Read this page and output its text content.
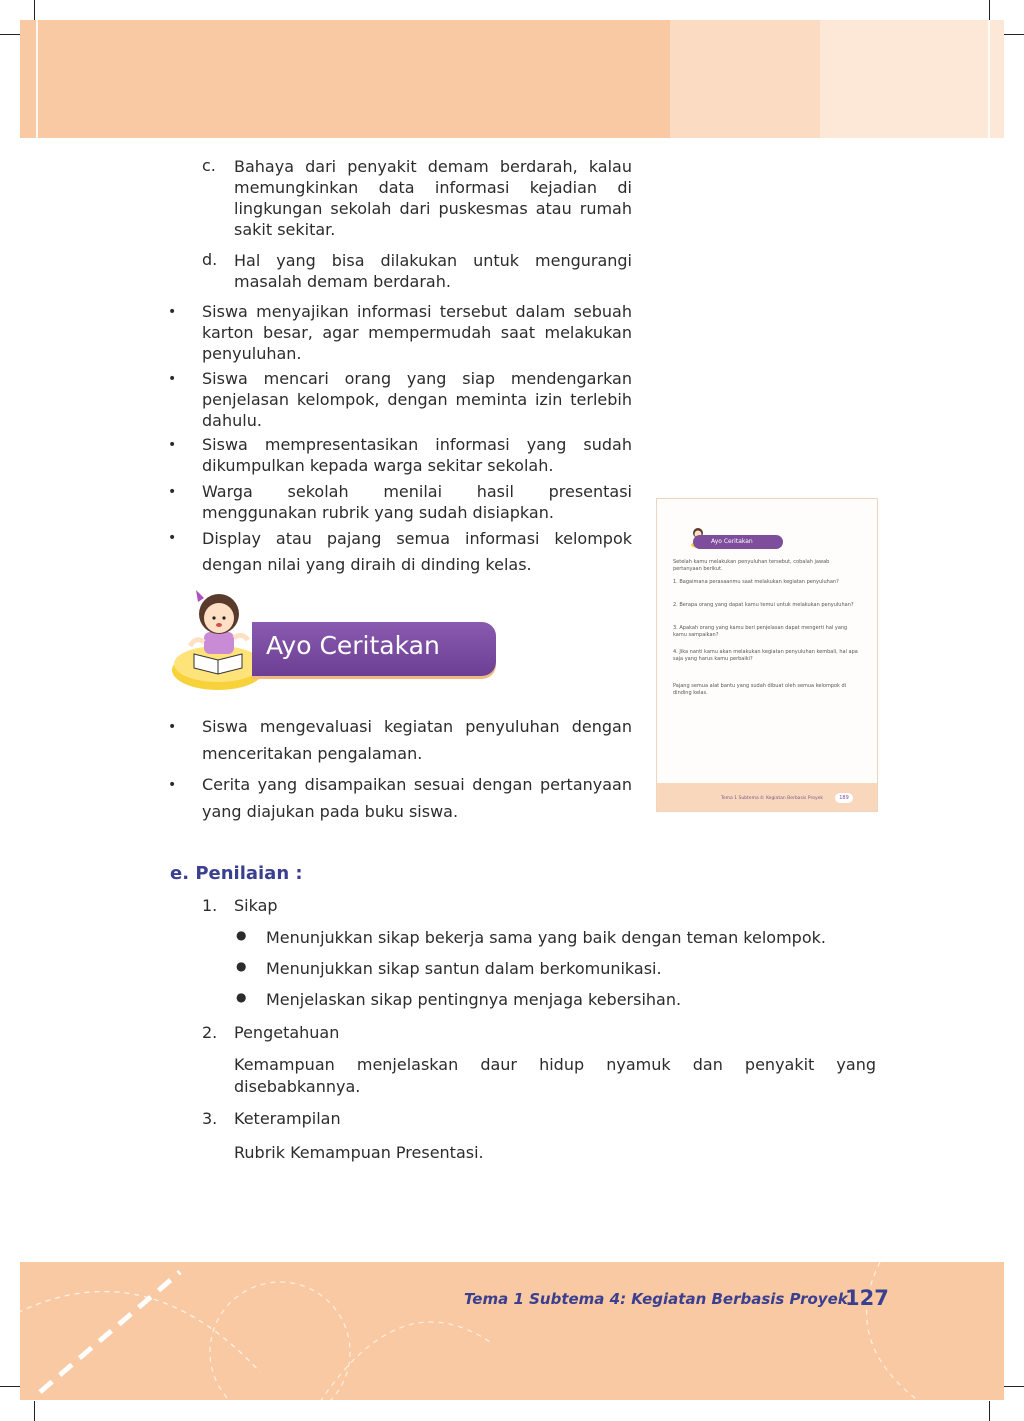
c. Bahaya dari penyakit demam berdarah, kalau memungkinkan data informasi kejadian di lingkungan sekolah dari puskesmas atau rumah sakit sekitar.
d. Hal yang bisa dilakukan untuk mengurangi masalah demam berdarah.
• Siswa menyajikan informasi tersebut dalam sebuah karton besar, agar mempermudah saat melakukan penyuluhan.
• Siswa mencari orang yang siap mendengarkan penjelasan kelompok, dengan meminta izin terlebih dahulu.
• Siswa mempresentasikan informasi yang sudah dikumpulkan kepada warga sekitar sekolah.
• Warga sekolah menilai hasil presentasi menggunakan rubrik yang sudah disiapkan.
• Display atau pajang semua informasi kelompok dengan nilai yang diraih di dinding kelas.
Ayo Ceritakan
Ayo Ceritakan
Setelah kamu melakukan penyuluhan tersebut, cobalah jawab pertanyaan berikut.
1. Bagaimana perasaanmu saat melakukan kegiatan penyuluhan?
2. Berapa orang yang dapat kamu temui untuk melakukan penyuluhan?
3. Apakah orang yang kamu beri penjelasan dapat mengerti hal yang kamu sampaikan?
4. Jika nanti kamu akan melakukan kegiatan penyuluhan kembali, hal apa saja yang harus kamu perbaiki?
Pajang semua alat bantu yang sudah dibuat oleh semua kelompok di dinding kelas.
Tema 1 Subtema 4: Kegiatan Berbasis Proyek	189
• Siswa mengevaluasi kegiatan penyuluhan dengan menceritakan pengalaman.
• Cerita yang disampaikan sesuai dengan pertanyaan yang diajukan pada buku siswa.
e. Penilaian :
1. Sikap
● Menunjukkan sikap bekerja sama yang baik dengan teman kelompok.
● Menunjukkan sikap santun dalam berkomunikasi.
● Menjelaskan sikap pentingnya menjaga kebersihan.
2. Pengetahuan
Kemampuan menjelaskan daur hidup nyamuk dan penyakit yang disebabkannya.
3. Keterampilan
Rubrik Kemampuan Presentasi.
Tema 1 Subtema 4: Kegiatan Berbasis Proyek
127
